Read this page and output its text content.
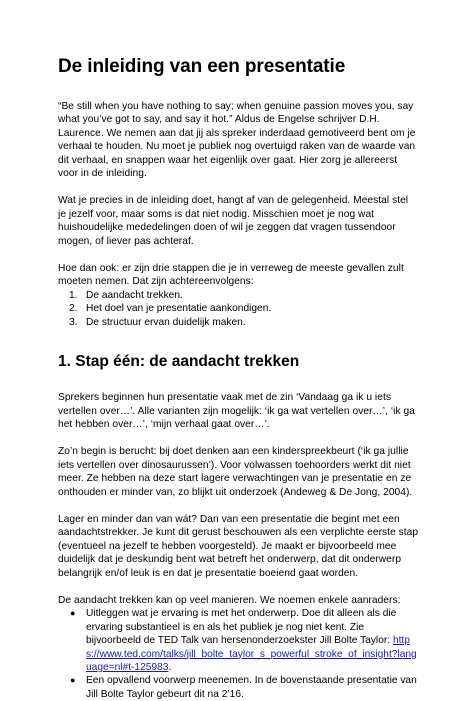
De inleiding van een presentatie

“Be still when you have nothing to say; when genuine passion moves you, say what you’ve got to say, and say it hot.” Aldus de Engelse schrijver D.H. Laurence. We nemen aan dat jij als spreker inderdaad gemotiveerd bent om je verhaal te houden. Nu moet je publiek nog overtuigd raken van de waarde van dit verhaal, en snappen waar het eigenlijk over gaat. Hier zorg je allereerst voor in de inleiding.

Wat je precies in de inleiding doet, hangt af van de gelegenheid. Meestal stel je jezelf voor, maar soms is dat niet nodig. Misschien moet je nog wat huishoudelijke mededelingen doen of wil je zeggen dat vragen tussendoor mogen, of liever pas achteraf.

Hoe dan ook: er zijn drie stappen die je in verreweg de meeste gevallen zult moeten nemen. Dat zijn achtereenvolgens:

1. De aandacht trekken.
2. Het doel van je presentatie aankondigen.
3. De structuur ervan duidelijk maken.
1. Stap één: de aandacht trekken

Sprekers beginnen hun presentatie vaak met de zin ‘Vandaag ga ik u iets vertellen over…’. Alle varianten zijn mogelijk: ‘ik ga wat vertellen over…’, ‘ik ga het hebben over…’, ‘mijn verhaal gaat over…’.

Zo’n begin is berucht: bij doet denken aan een kinderspreekbeurt (‘ik ga jullie iets vertellen over dinosaurussen’). Voor volwassen toehoorders werkt dit niet meer. Ze hebben na deze start lagere verwachtingen van je presentatie en ze onthouden er minder van, zo blijkt uit onderzoek (Andeweg & De Jong, 2004).

Lager en minder dan van wát? Dan van een presentatie die begint met een aandachtstrekker. Je kunt dit gerust beschouwen als een verplichte eerste stap (eventueel na jezelf te hebben voorgesteld). Je maakt er bijvoorbeeld mee duidelijk dat je deskundig bent wat betreft het onderwerp, dat dit onderwerp belangrijk en/of leuk is en dat je presentatie boeiend gaat worden.

De aandacht trekken kan op veel manieren. We noemen enkele aanraders:

● Uitleggen wat je ervaring is met het onderwerp. Doe dit alleen als die ervaring substantieel is en als het publiek je nog niet kent. Zie bijvoorbeeld de TED Talk van hersenonderzoekster Jill Bolte Taylor: https://www.ted.com/talks/jill_bolte_taylor_s_powerful_stroke_of_insight?language=nl#t-125983.
● Een opvallend voorwerp meenemen. In de bovenstaande presentatie van Jill Bolte Taylor gebeurt dit na 2’16.
